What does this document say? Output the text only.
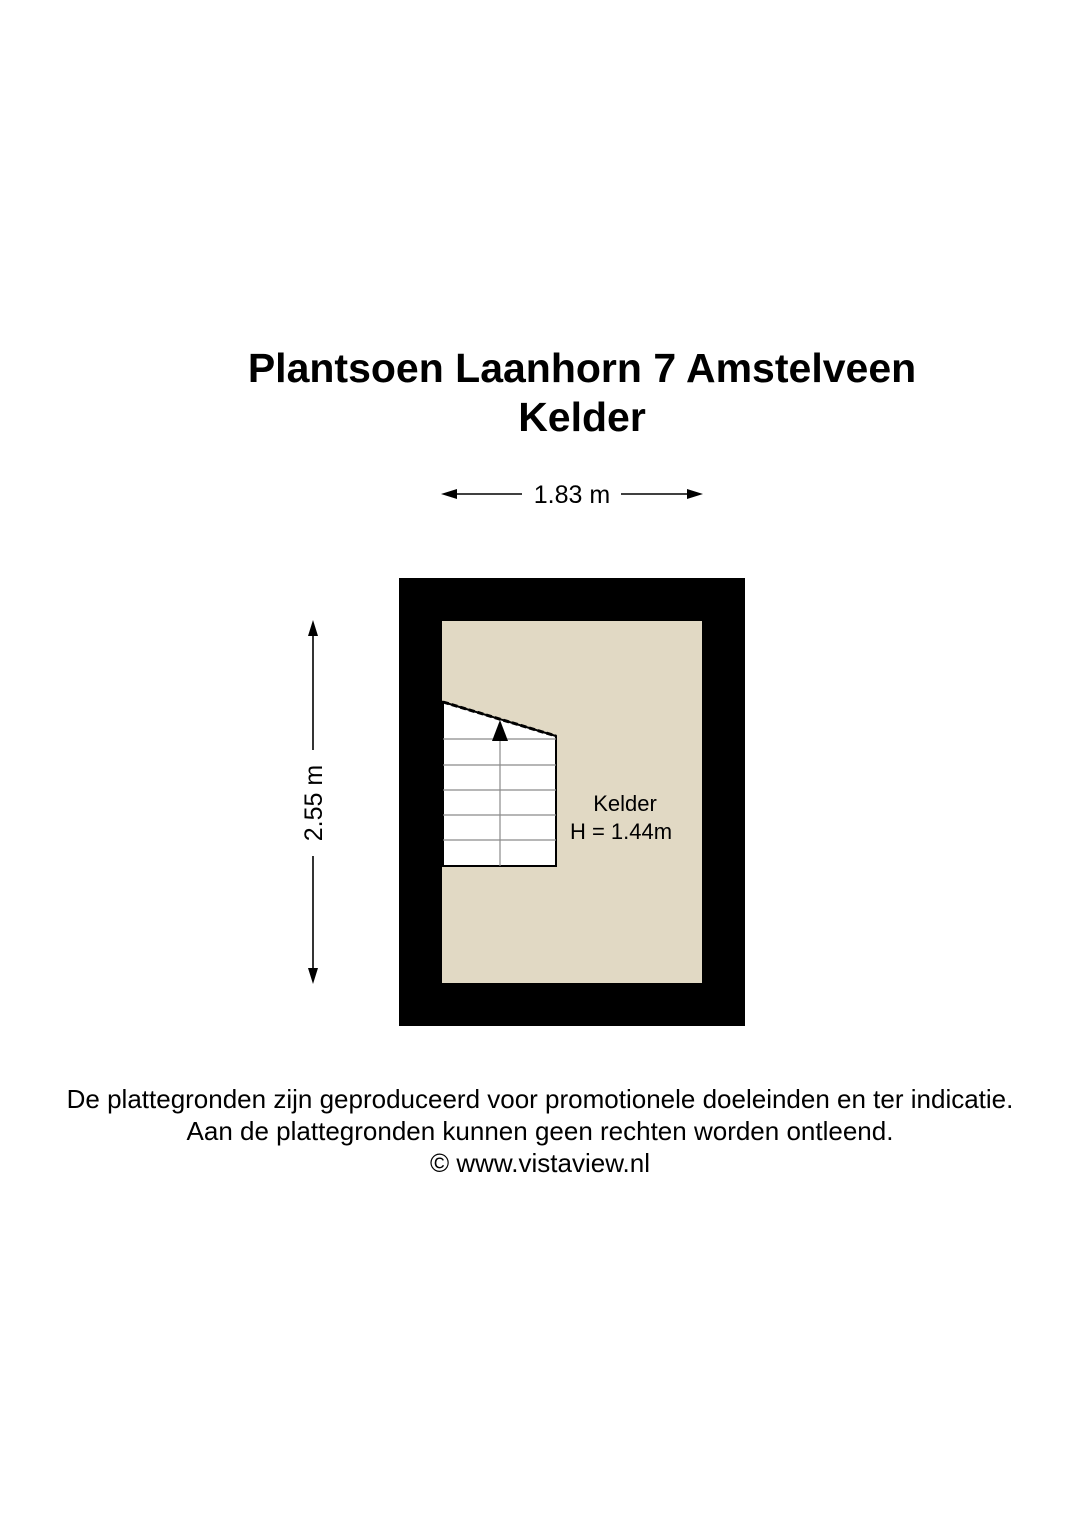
Plantsoen Laanhorn 7 Amstelveen
Kelder
1.83 m
2.55 m	Kelder
H = 1.44m

De plattegronden zijn geproduceerd voor promotionele doeleinden en ter indicatie.

Aan de plattegronden kunnen geen rechten worden ontleend.

© www.vistaview.nl
